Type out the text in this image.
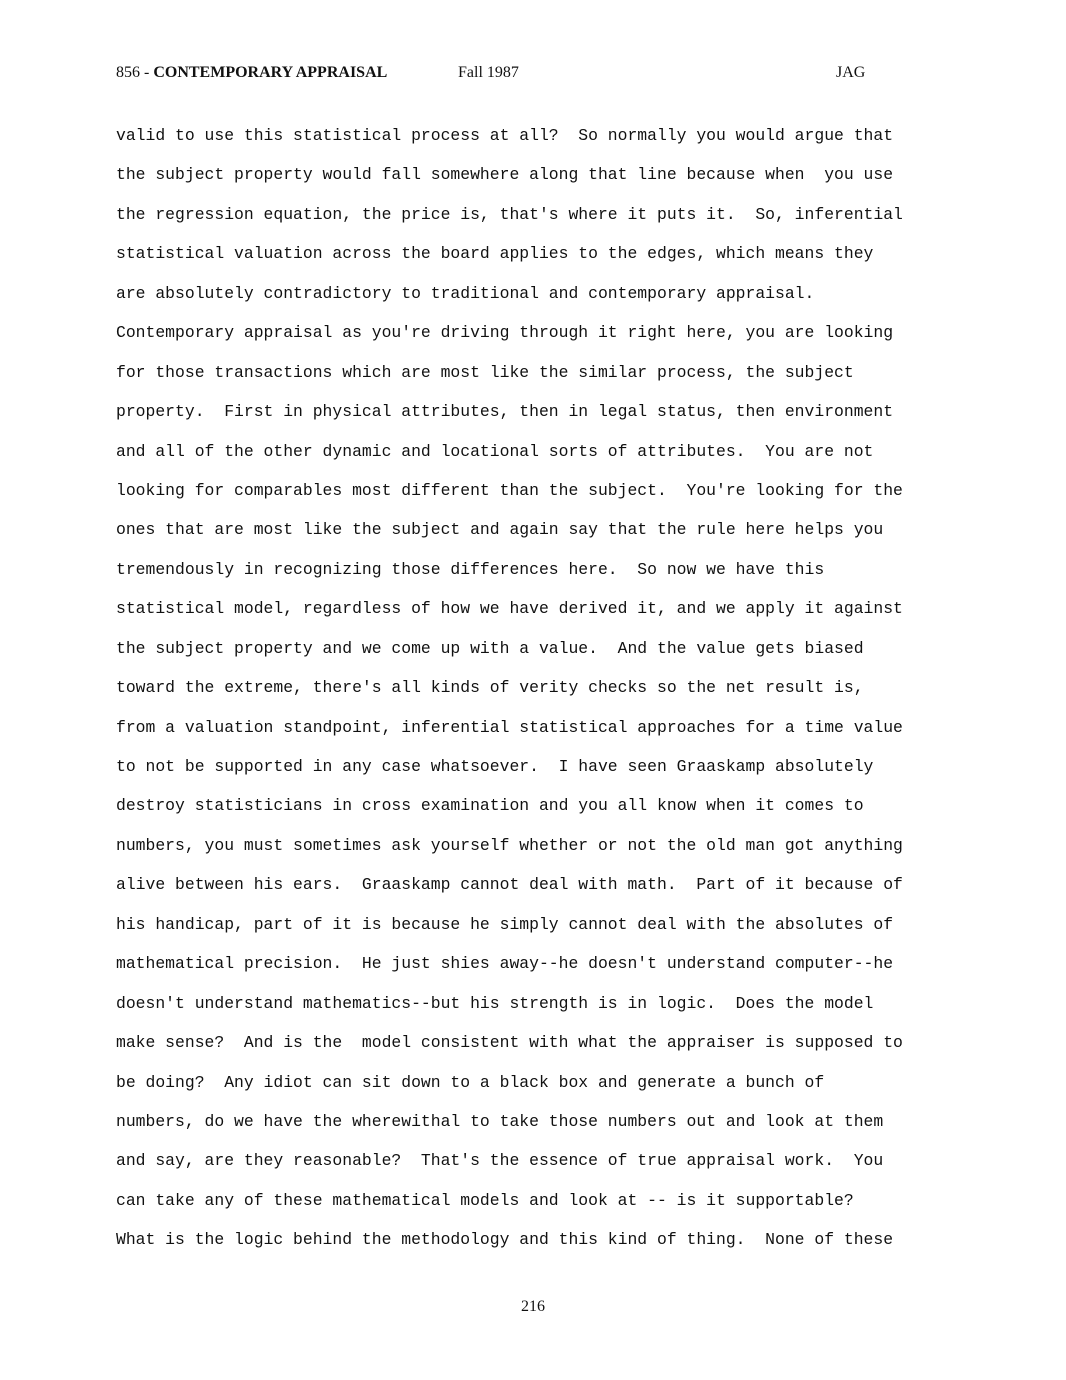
856 - CONTEMPORARY APPRAISAL	Fall 1987	JAG
valid to use this statistical process at all?  So normally you would argue that
the subject property would fall somewhere along that line because when  you use
the regression equation, the price is, that's where it puts it.  So, inferential
statistical valuation across the board applies to the edges, which means they
are absolutely contradictory to traditional and contemporary appraisal.
Contemporary appraisal as you're driving through it right here, you are looking
for those transactions which are most like the similar process, the subject
property.  First in physical attributes, then in legal status, then environment
and all of the other dynamic and locational sorts of attributes.  You are not
looking for comparables most different than the subject.  You're looking for the
ones that are most like the subject and again say that the rule here helps you
tremendously in recognizing those differences here.  So now we have this
statistical model, regardless of how we have derived it, and we apply it against
the subject property and we come up with a value.  And the value gets biased
toward the extreme, there's all kinds of verity checks so the net result is,
from a valuation standpoint, inferential statistical approaches for a time value
to not be supported in any case whatsoever.  I have seen Graaskamp absolutely
destroy statisticians in cross examination and you all know when it comes to
numbers, you must sometimes ask yourself whether or not the old man got anything
alive between his ears.  Graaskamp cannot deal with math.  Part of it because of
his handicap, part of it is because he simply cannot deal with the absolutes of
mathematical precision.  He just shies away--he doesn't understand computer--he
doesn't understand mathematics--but his strength is in logic.  Does the model
make sense?  And is the  model consistent with what the appraiser is supposed to
be doing?  Any idiot can sit down to a black box and generate a bunch of
numbers, do we have the wherewithal to take those numbers out and look at them
and say, are they reasonable?  That's the essence of true appraisal work.  You
can take any of these mathematical models and look at -- is it supportable?
What is the logic behind the methodology and this kind of thing.  None of these
216
